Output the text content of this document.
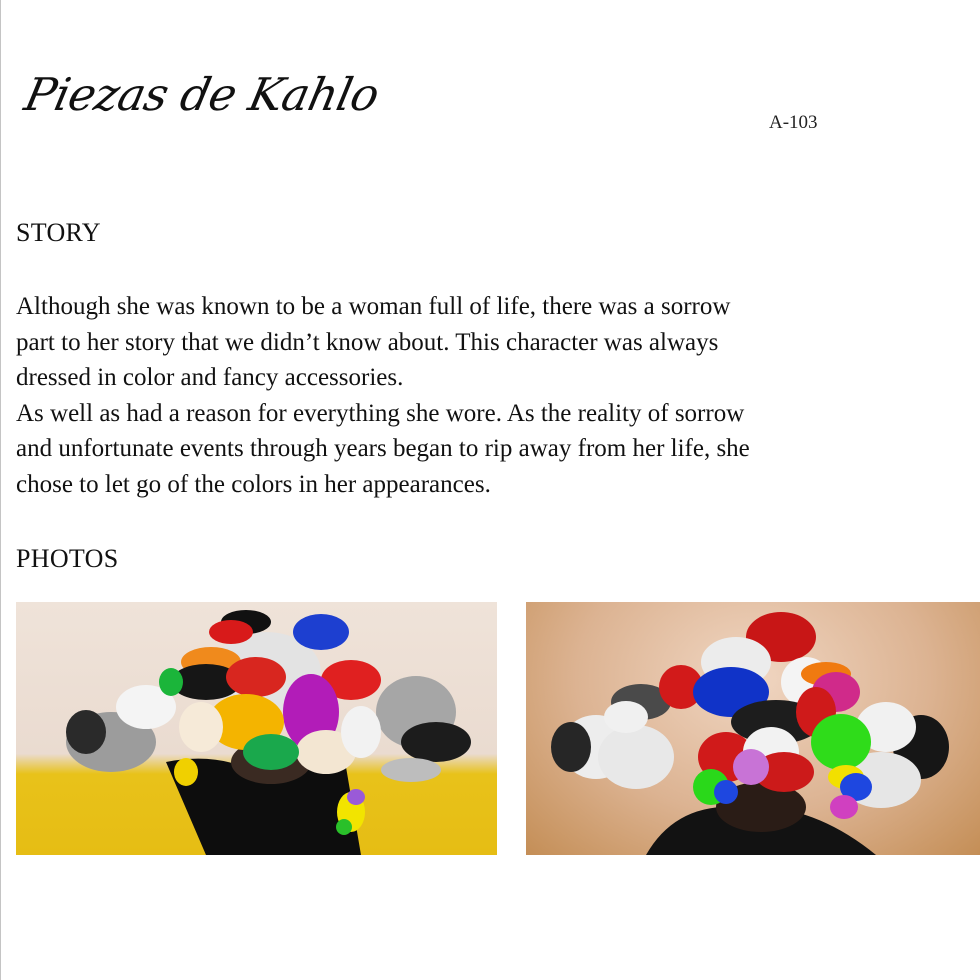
Piezas de Kahlo
A-103
STORY

Although she was known to be a woman full of life, there was a sorrow

part to her story that we didn’t know about. This character was always

dressed in color and fancy accessories.

As well as had a reason for everything she wore. As the reality of sorrow

and unfortunate events through years began to rip away from her life, she

chose to let go of the colors in her appearances.

PHOTOS
